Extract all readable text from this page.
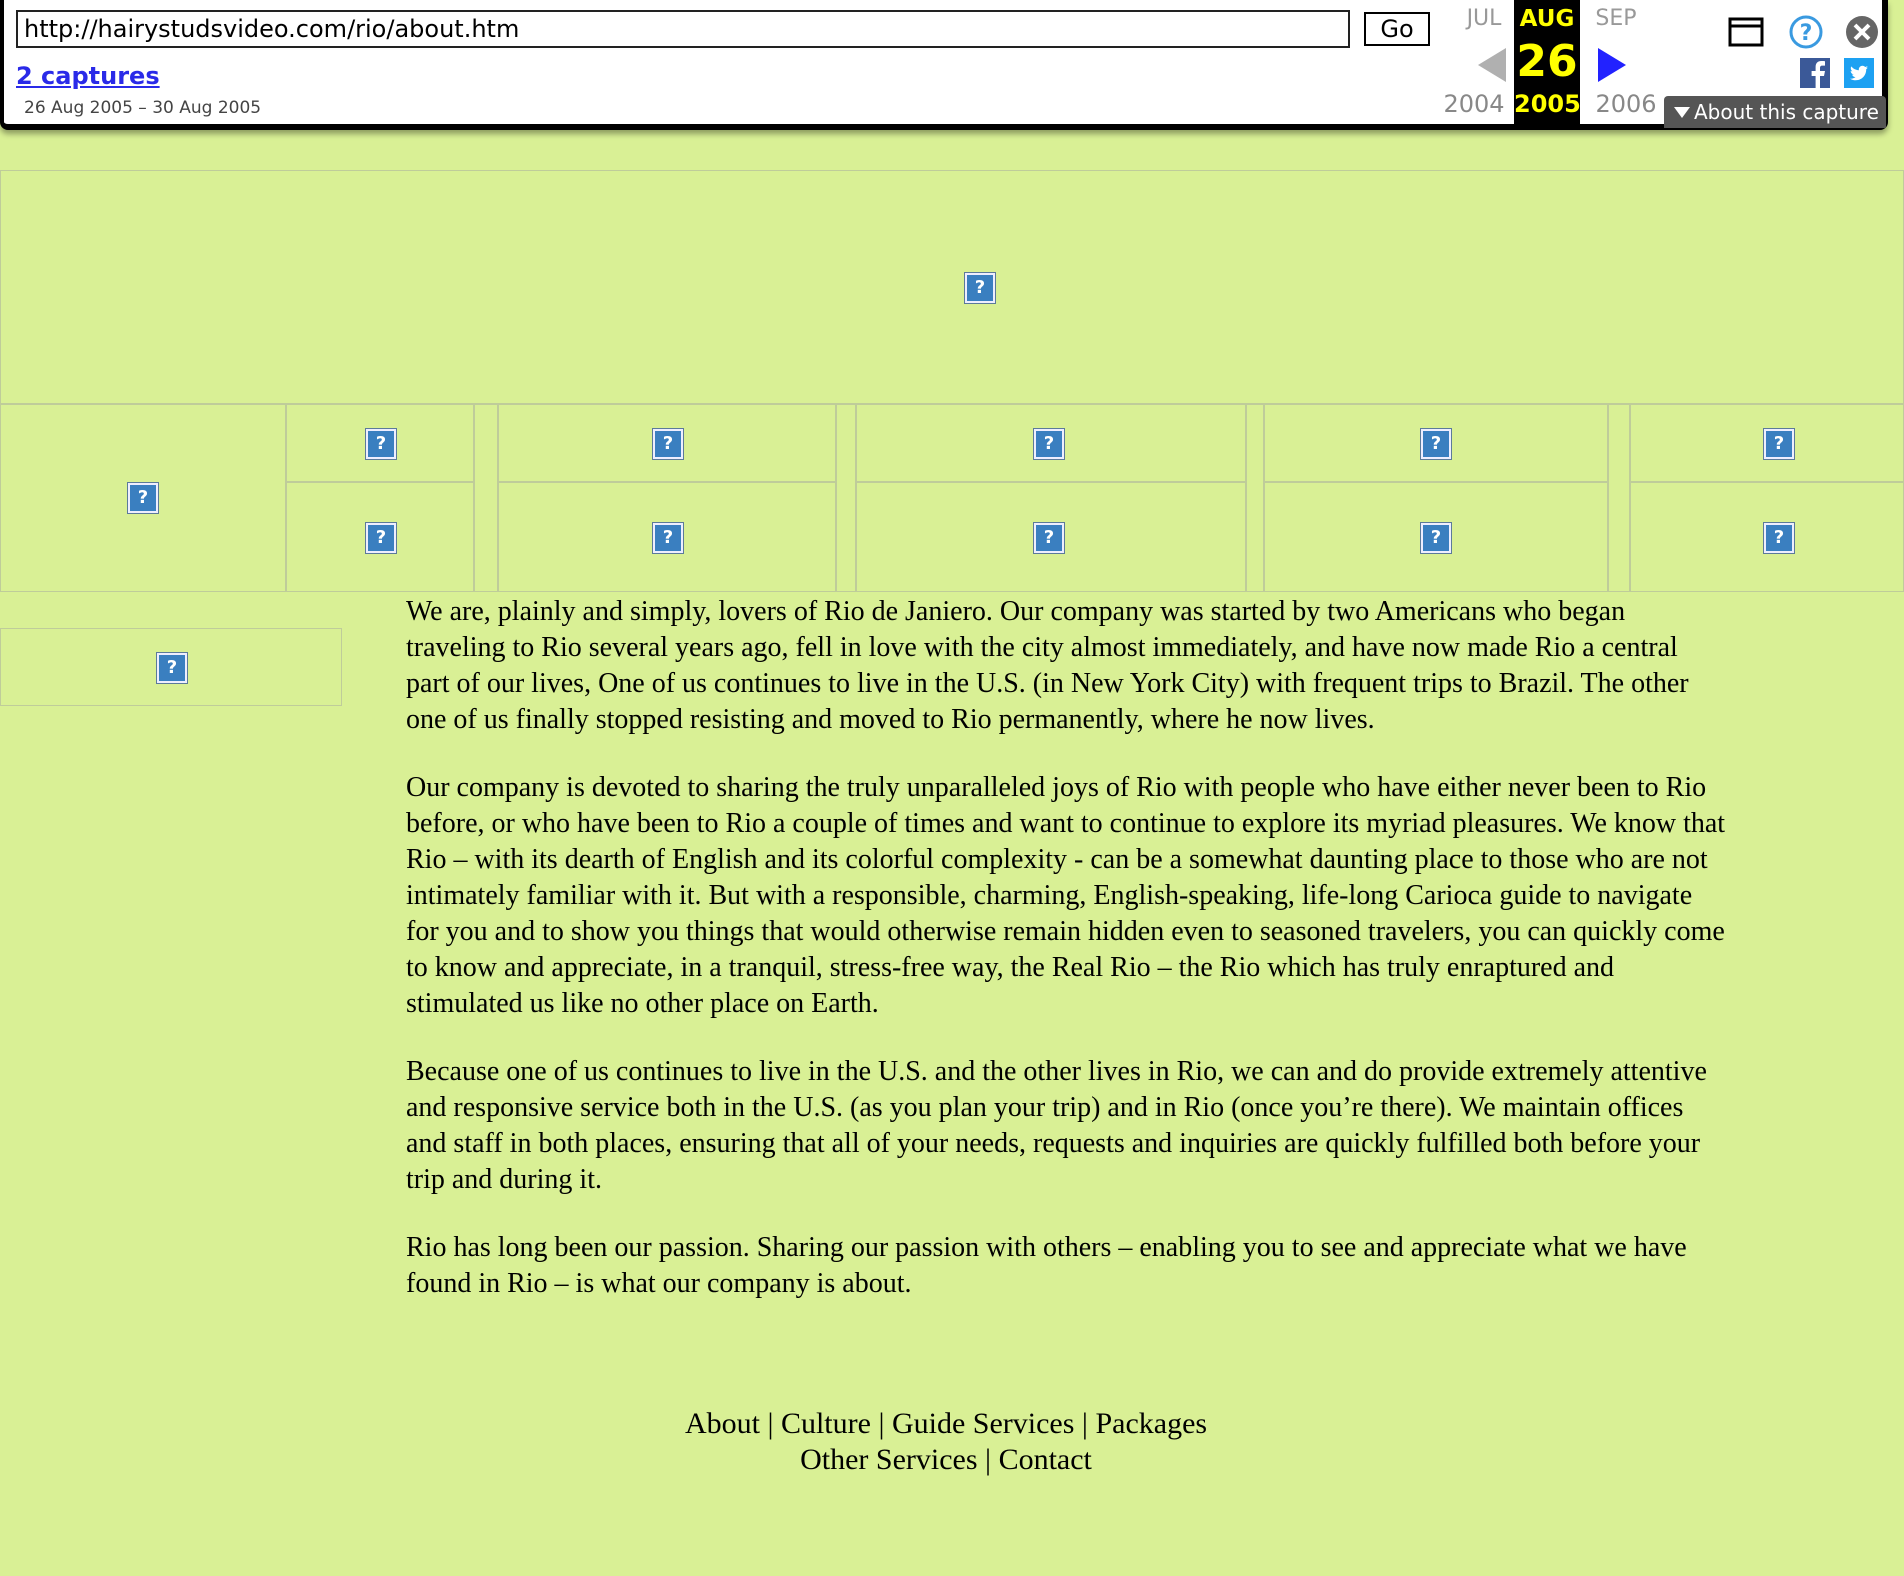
http://hairystudsvideo.com/rio/about.htm
Go
2 captures
26 Aug 2005 – 30 Aug 2005
JUL	SEP
2004	2006
AUG
26
2005
?
About this capture
?
?
?
?
?
?
?
?
?
?
?
?
?

We are, plainly and simply, lovers of Rio de Janiero. Our company was started by two Americans who began traveling to Rio several years ago, fell in love with the city almost immediately, and have now made Rio a central part of our lives, One of us continues to live in the U.S. (in New York City) with frequent trips to Brazil. The other one of us finally stopped resisting and moved to Rio permanently, where he now lives.

Our company is devoted to sharing the truly unparalleled joys of Rio with people who have either never been to Rio before, or who have been to Rio a couple of times and want to continue to explore its myriad pleasures. We know that Rio – with its dearth of English and its colorful complexity - can be a somewhat daunting place to those who are not intimately familiar with it. But with a responsible, charming, English-speaking, life-long Carioca guide to navigate for you and to show you things that would otherwise remain hidden even to seasoned travelers, you can quickly come to know and appreciate, in a tranquil, stress-free way, the Real Rio – the Rio which has truly enraptured and stimulated us like no other place on Earth.

Because one of us continues to live in the U.S. and the other lives in Rio, we can and do provide extremely attentive and responsive service both in the U.S. (as you plan your trip) and in Rio (once you’re there). We maintain offices and staff in both places, ensuring that all of your needs, requests and inquiries are quickly fulfilled both before your trip and during it.

Rio has long been our passion. Sharing our passion with others – enabling you to see and appreciate what we have found in Rio – is what our company is about.

About | Culture | Guide Services | Packages
Other Services | Contact
